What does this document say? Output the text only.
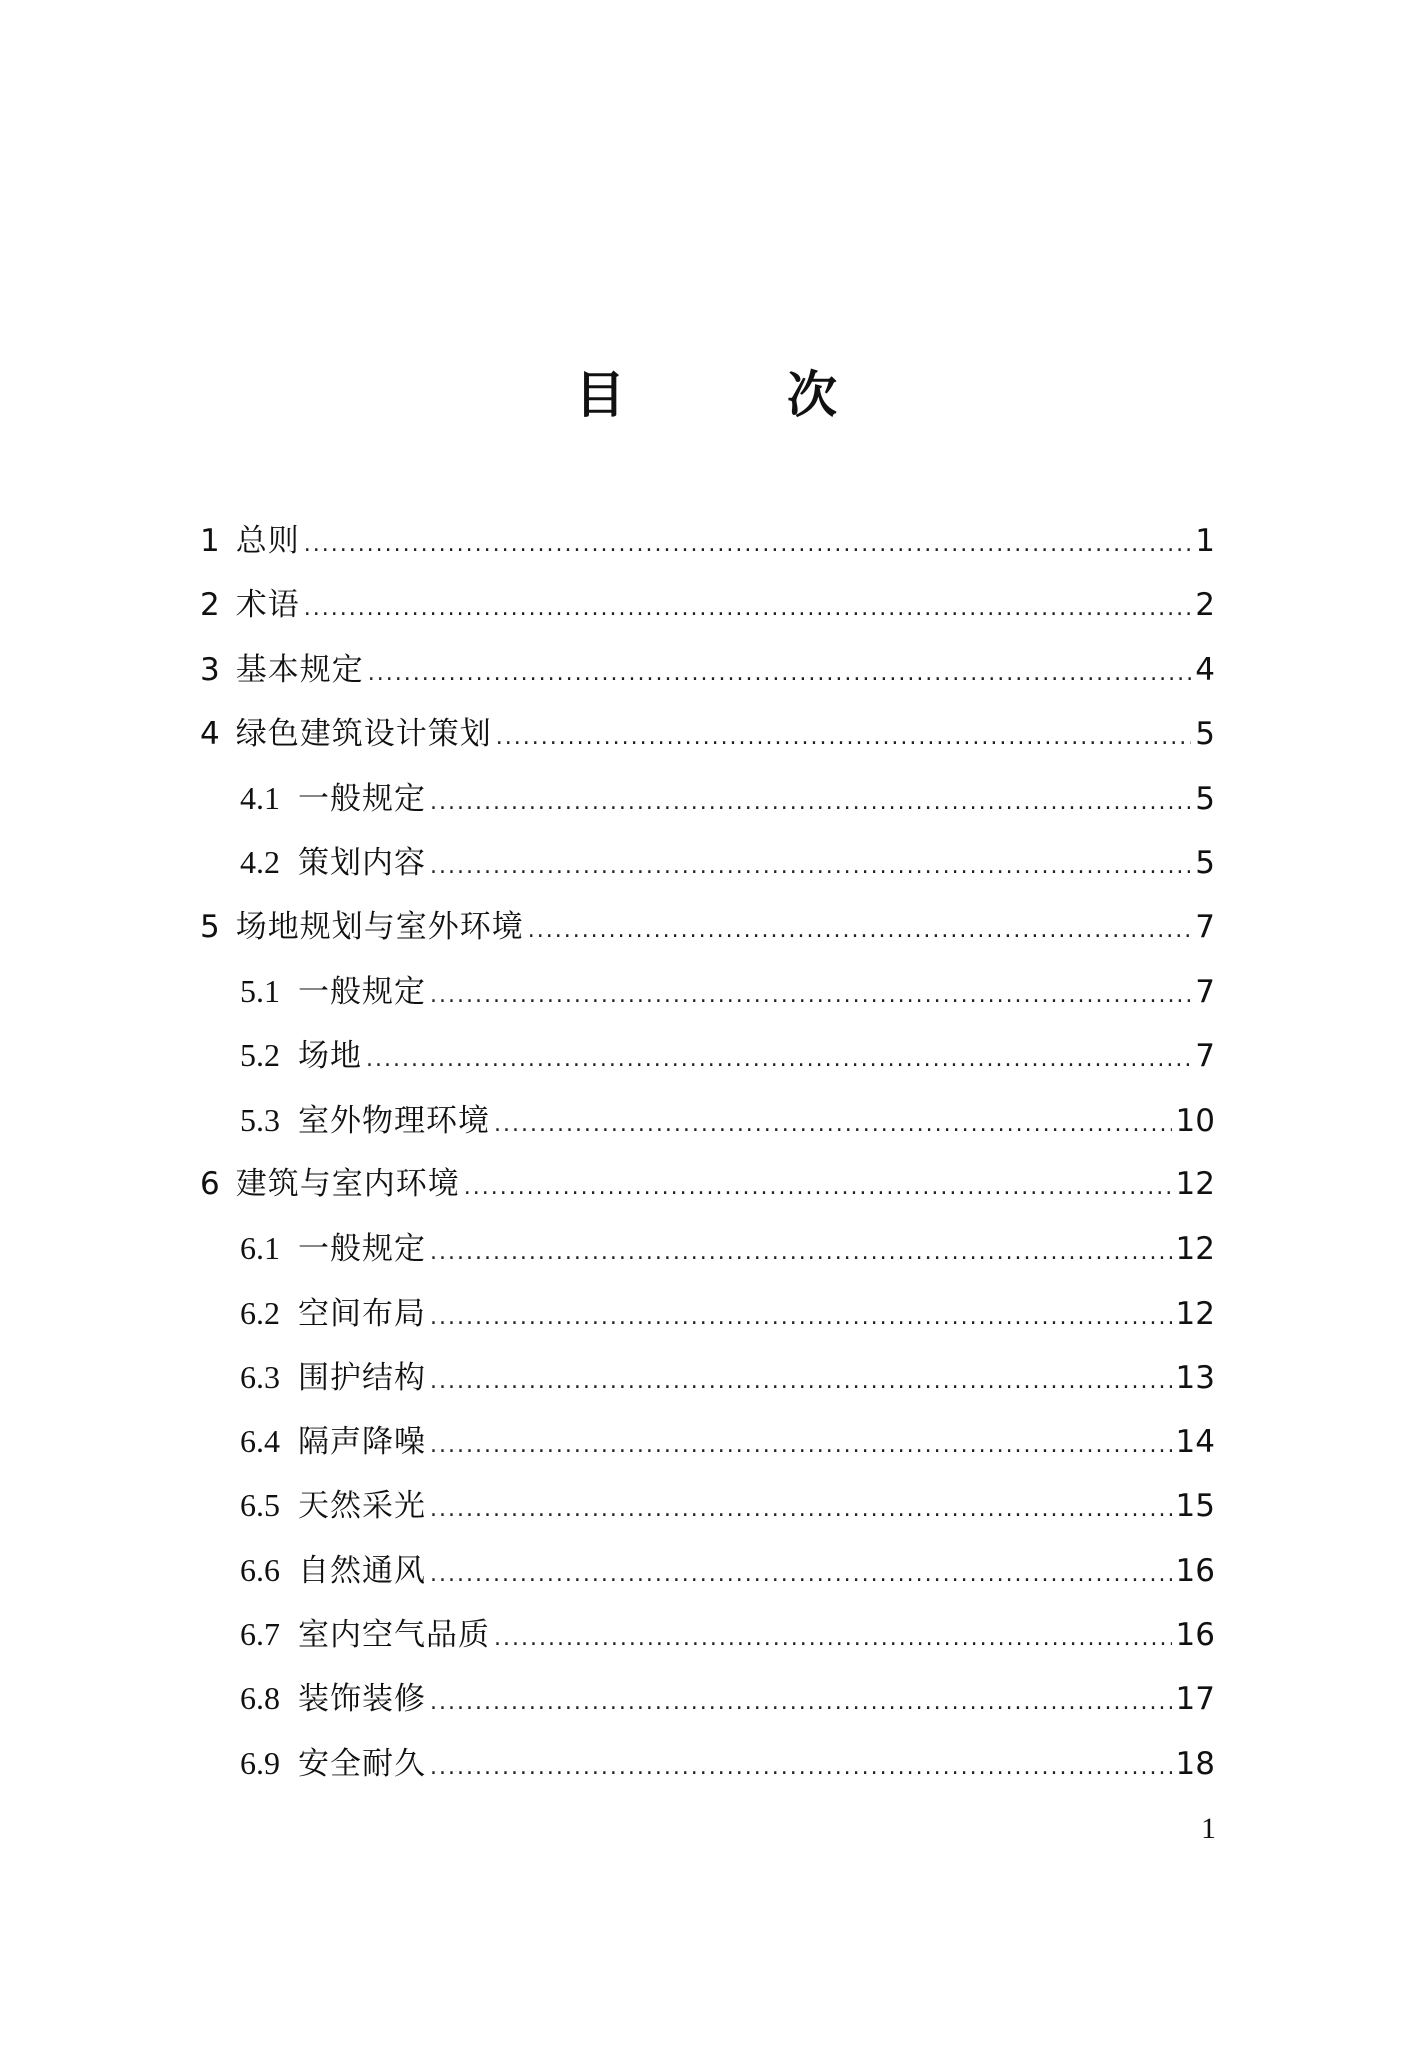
目　次
1 总则 .....	1
2 术语 .....	2
3 基本规定 .....	4
4 绿色建筑设计策划 .....	5
4.1 一般规定 .....	5
4.2 策划内容 .....	5
5 场地规划与室外环境 .....	7
5.1 一般规定 .....	7
5.2 场地 .....	7
5.3 室外物理环境 .....	10
6 建筑与室内环境 .....	12
6.1 一般规定 .....	12
6.2 空间布局 .....	12
6.3 围护结构 .....	13
6.4 隔声降噪 .....	14
6.5 天然采光 .....	15
6.6 自然通风 .....	16
6.7 室内空气品质 .....	16
6.8 装饰装修 .....	17
6.9 安全耐久 .....	18
1
